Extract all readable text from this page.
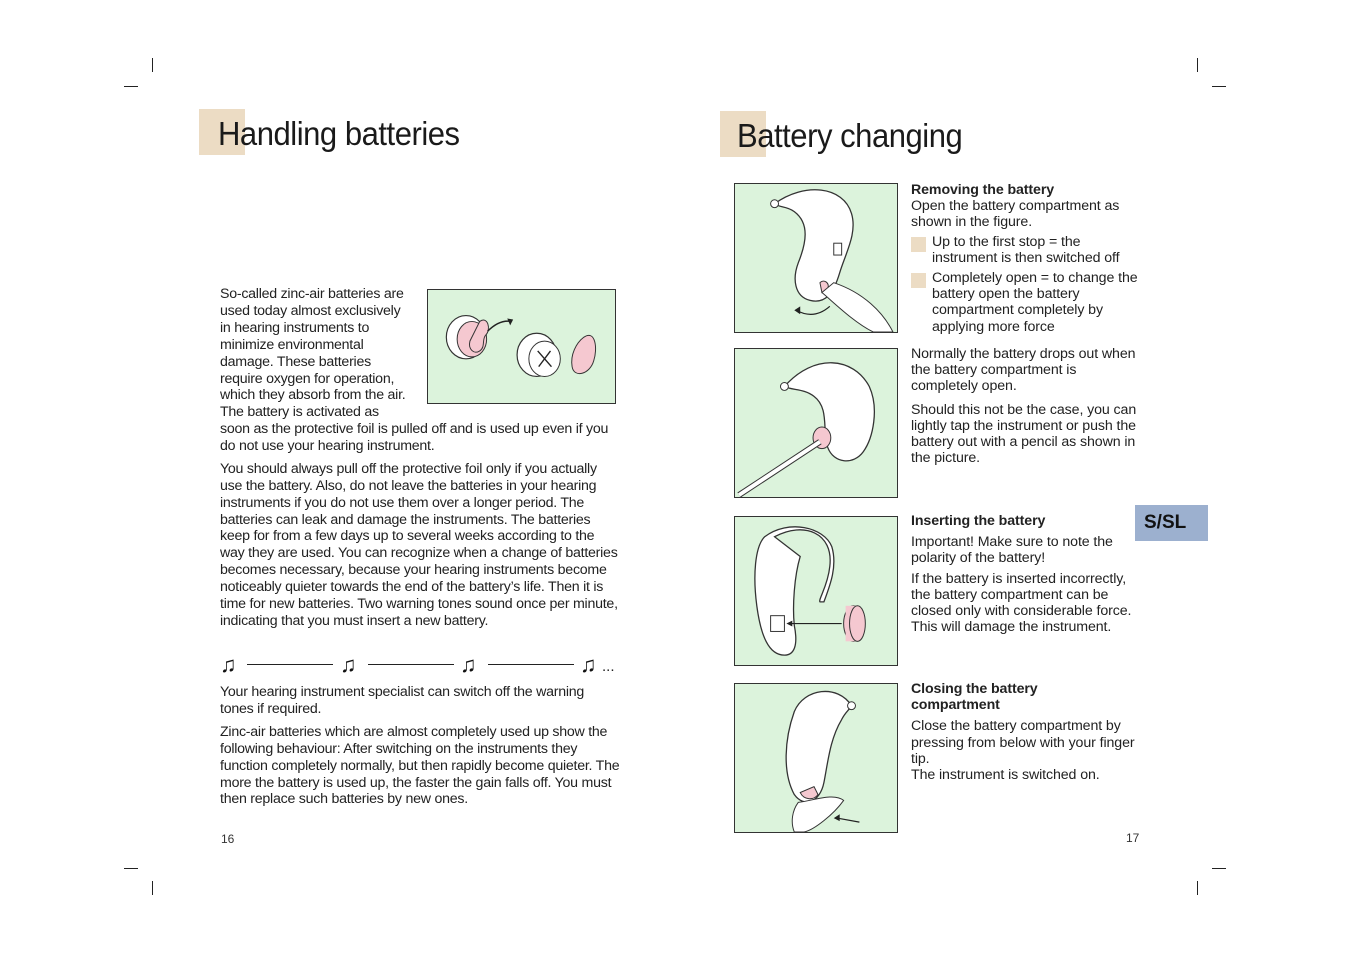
Handling batteries
So-called zinc-air batteries are used today almost exclusively in hearing instruments to minimize environmental damage. These batteries require oxygen for operation, which they absorb from the air. The battery is activated as

soon as the protective foil is pulled off and is used up even if you do not use your hearing instrument.

You should always pull off the protective foil only if you actually use the battery. Also, do not leave the batteries in your hearing instruments if you do not use them over a longer period. The batteries can leak and damage the instruments. The batteries keep for from a few days up to several weeks according to the way they are used. You can recognize when a change of batteries becomes necessary, because your hearing instruments become noticeably quieter towards the end of the battery’s life. Then it is time for new batteries. Two warning tones sound once per minute, indicating that you must insert a new battery.

♫	♫	♫	♫ ...

Your hearing instrument specialist can switch off the warning tones if required.

Zinc-air batteries which are almost completely used up show the following behaviour: After switching on the instruments they function completely normally, but then rapidly become quieter. The more the battery is used up, the faster the gain falls off. You must then replace such batteries by new ones.

16
Battery changing
Removing the battery

Open the battery compartment as shown in the figure.

Up to the first stop = the instrument is then switched off
Completely open = to change the battery open the battery compartment completely by applying more force

Normally the battery drops out when the battery compartment is completely open.

Should this not be the case, you can lightly tap the instrument or push the battery out with a pencil as shown in the picture.

Inserting the battery

Important! Make sure to note the polarity of the battery!

If the battery is inserted incorrectly, the battery compartment can be closed only with considerable force. This will damage the instrument.

Closing the battery compartment

Close the battery compartment by pressing from below with your finger tip.

The instrument is switched on.

S/SL
17
